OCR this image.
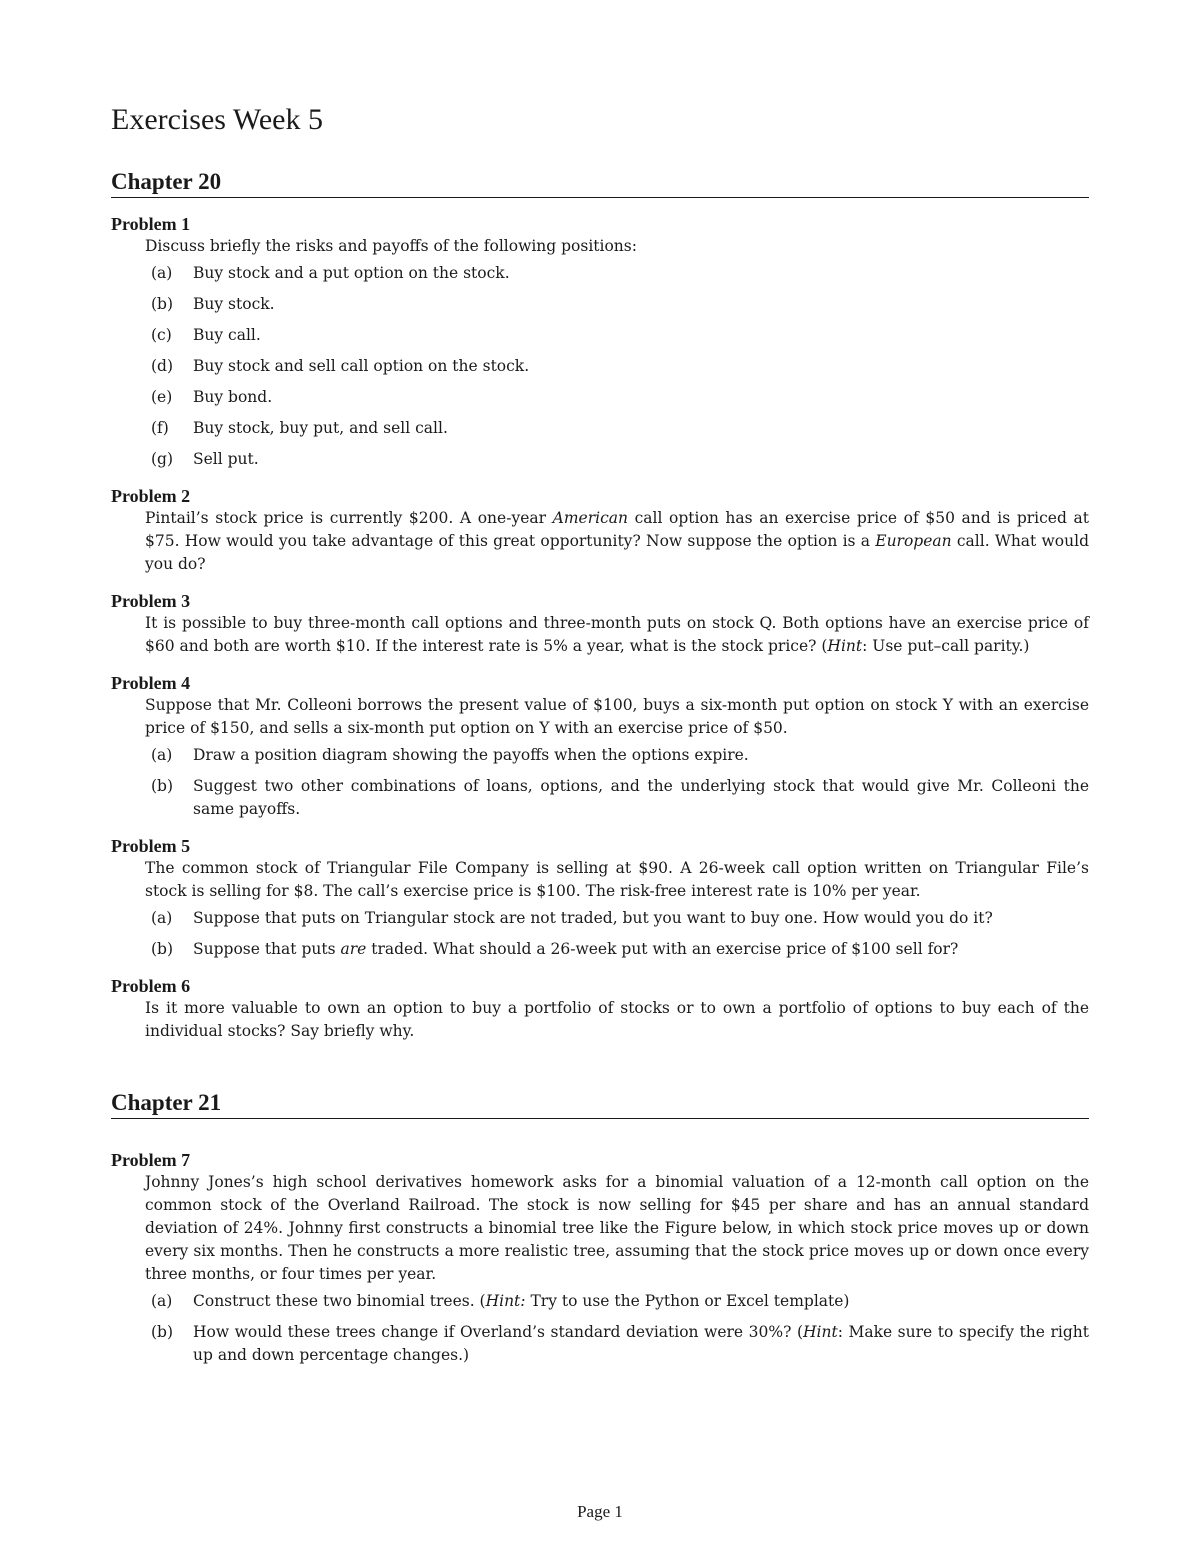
Exercises Week 5
Chapter 20
Problem 1
Discuss briefly the risks and payoffs of the following positions:
(a)	Buy stock and a put option on the stock.
(b)	Buy stock.
(c)	Buy call.
(d)	Buy stock and sell call option on the stock.
(e)	Buy bond.
(f)	Buy stock, buy put, and sell call.
(g)	Sell put.
Problem 2
Pintail’s stock price is currently $200. A one-year American call option has an exercise price of $50 and is priced at $75. How would you take advantage of this great opportunity? Now suppose the option is a European call. What would you do?
Problem 3
It is possible to buy three-month call options and three-month puts on stock Q. Both options have an exercise price of $60 and both are worth $10. If the interest rate is 5% a year, what is the stock price? (Hint: Use put–call parity.)
Problem 4
Suppose that Mr. Colleoni borrows the present value of $100, buys a six-month put option on stock Y with an exercise price of $150, and sells a six-month put option on Y with an exercise price of $50.
(a)	Draw a position diagram showing the payoffs when the options expire.
(b)	Suggest two other combinations of loans, options, and the underlying stock that would give Mr. Colleoni the same payoffs.
Problem 5
The common stock of Triangular File Company is selling at $90. A 26-week call option written on Triangular File’s stock is selling for $8. The call’s exercise price is $100. The risk-free interest rate is 10% per year.
(a)	Suppose that puts on Triangular stock are not traded, but you want to buy one. How would you do it?
(b)	Suppose that puts are traded. What should a 26-week put with an exercise price of $100 sell for?
Problem 6
Is it more valuable to own an option to buy a portfolio of stocks or to own a portfolio of options to buy each of the individual stocks? Say briefly why.
Chapter 21
Problem 7
Johnny Jones’s high school derivatives homework asks for a binomial valuation of a 12-month call option on the common stock of the Overland Railroad. The stock is now selling for $45 per share and has an annual standard deviation of 24%. Johnny first constructs a binomial tree like the Figure below, in which stock price moves up or down every six months. Then he constructs a more realistic tree, assuming that the stock price moves up or down once every three months, or four times per year.
(a)	Construct these two binomial trees. (Hint: Try to use the Python or Excel template)
(b)	How would these trees change if Overland’s standard deviation were 30%? (Hint: Make sure to specify the right up and down percentage changes.)
Page 1
